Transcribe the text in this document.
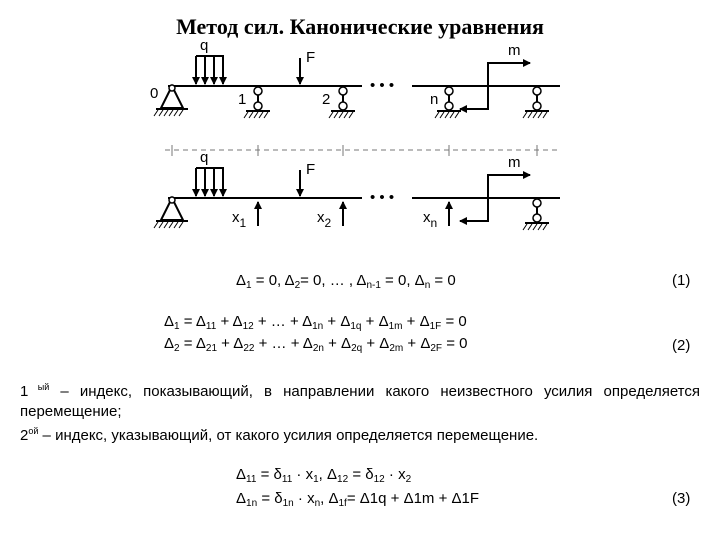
Метод сил. Канонические уравнения
• • •
0	1	2	n
q
F	m
• • •
q
F	m
$x_1$	$x_2$	$x_n$
$\Delta_1 = 0$, $\Delta_2= 0$, … , $\Delta_{n-1} = 0$, $\Delta_n = 0$	(1)
$\Delta_1 = \Delta_{11} + \Delta_{12}$ + … + $\Delta_{1n} + \Delta_{1q} + \Delta_{1m} + \Delta_{1F} = 0$
$\Delta_2 = \Delta_{21} + \Delta_{22}$ + … + $\Delta_{2n} + \Delta_{2q} + \Delta_{2m} + \Delta_{2F} = 0$	(2)
1 $^{ый}$ – индекс, показывающий, в направлении какого неизвестного усилия определяется перемещение;
$2^{ой}$ – индекс, указывающий, от какого усилия определяется перемещение.
$\Delta_{11} = \delta_{11} \cdot x_1$, $\Delta_{12} = \delta_{12} \cdot x_2$
$\Delta_{1n} = \delta_{1n} \cdot x_n$, $\Delta_{1f}= \Delta 1q + \Delta 1m + \Delta 1F$	(3)
